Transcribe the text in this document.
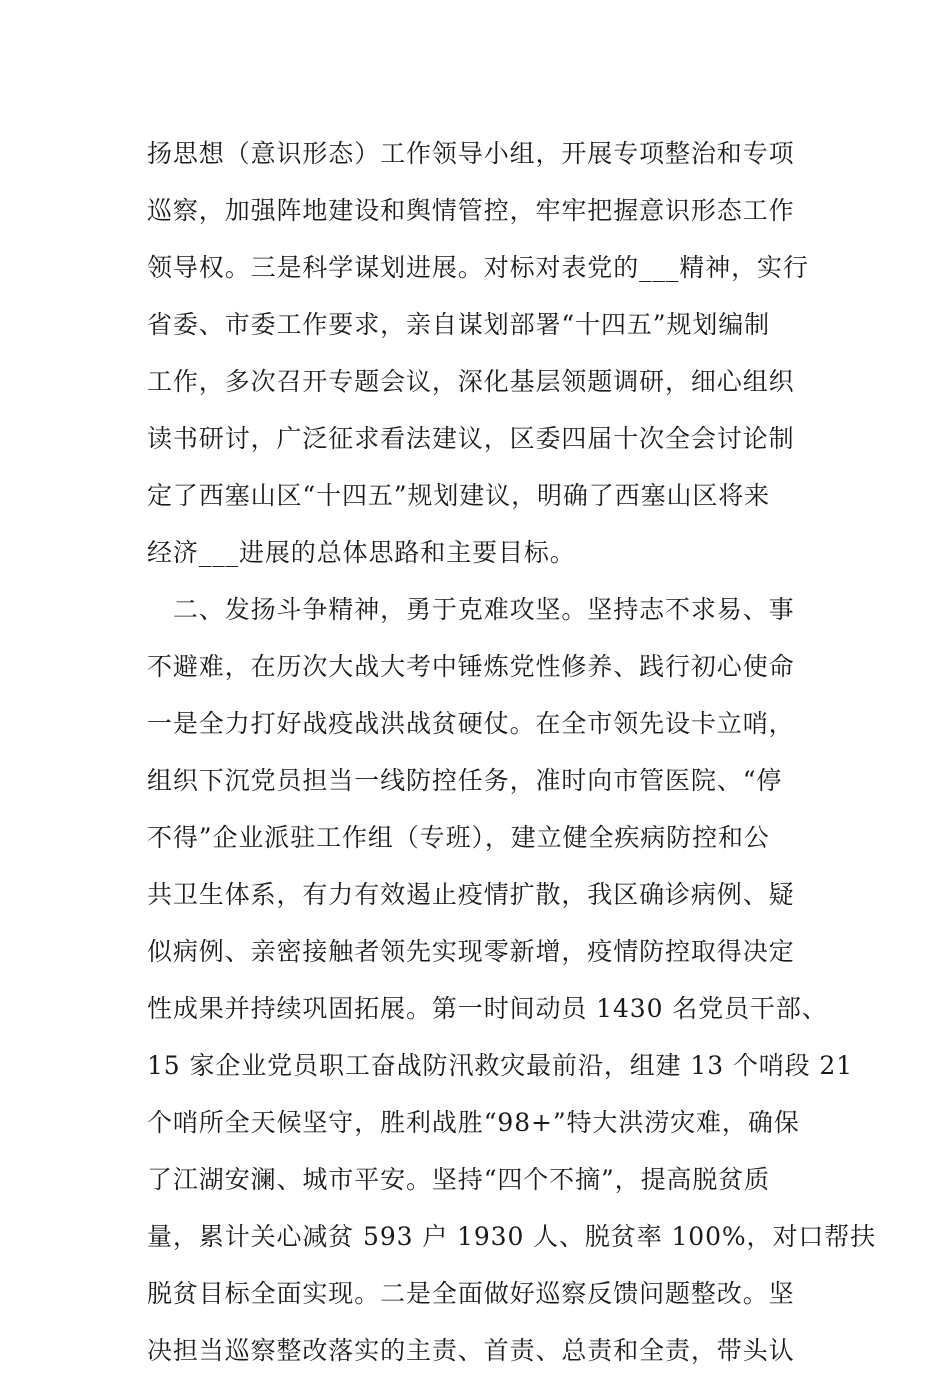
扬思想（意识形态）工作领导小组，开展专项整治和专项
巡察，加强阵地建设和舆情管控，牢牢把握意识形态工作
领导权。三是科学谋划进展。对标对表党的___精神，实行
省委、市委工作要求，亲自谋划部署“十四五”规划编制
工作，多次召开专题会议，深化基层领题调研，细心组织
读书研讨，广泛征求看法建议，区委四届十次全会讨论制
定了西塞山区“十四五”规划建议，明确了西塞山区将来
经济___进展的总体思路和主要目标。
　二、发扬斗争精神，勇于克难攻坚。坚持志不求易、事
不避难，在历次大战大考中锤炼党性修养、践行初心使命
一是全力打好战疫战洪战贫硬仗。在全市领先设卡立哨，
组织下沉党员担当一线防控任务，准时向市管医院、“停
不得”企业派驻工作组（专班），建立健全疾病防控和公
共卫生体系，有力有效遏止疫情扩散，我区确诊病例、疑
似病例、亲密接触者领先实现零新增，疫情防控取得决定
性成果并持续巩固拓展。第一时间动员 1430 名党员干部、
15 家企业党员职工奋战防汛救灾最前沿，组建 13 个哨段 21
个哨所全天候坚守，胜利战胜“98+”特大洪涝灾难，确保
了江湖安澜、城市平安。坚持“四个不摘”，提高脱贫质
量，累计关心减贫 593 户 1930 人、脱贫率 100%，对口帮扶
脱贫目标全面实现。二是全面做好巡察反馈问题整改。坚
决担当巡察整改落实的主责、首责、总责和全责，带头认
